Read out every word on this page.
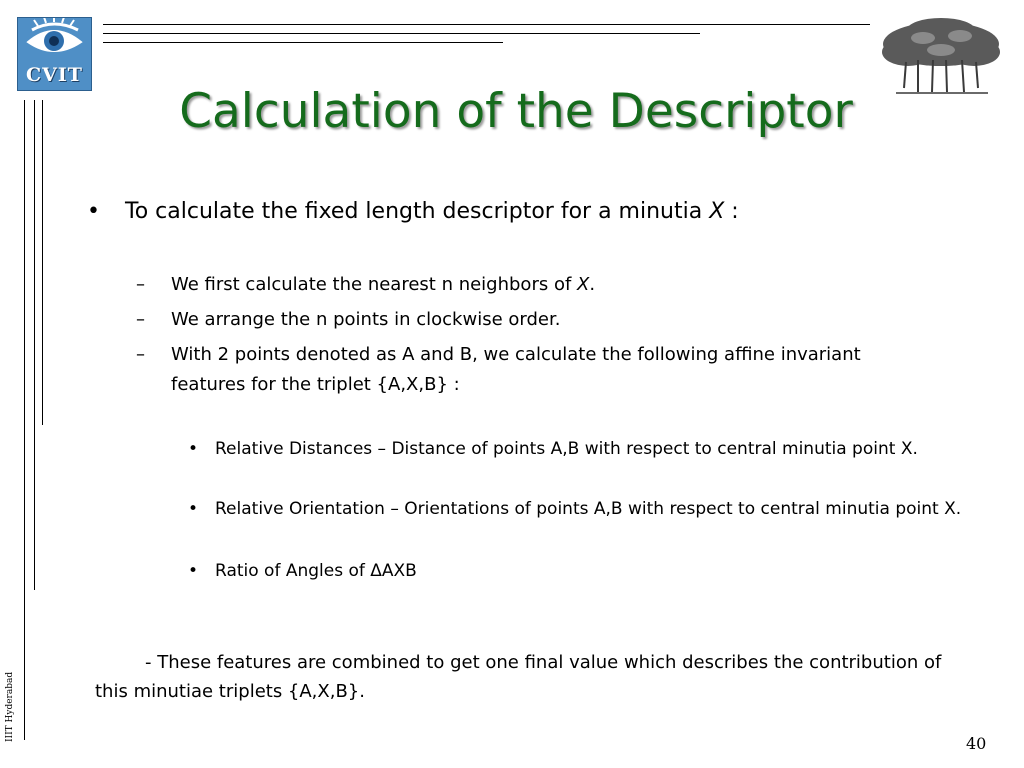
CVIT
Calculation of the Descriptor
• To calculate the fixed length descriptor for a minutia X :
– We first calculate the nearest n neighbors of X.
– We arrange the n points in clockwise order.
– With 2 points denoted as A and B, we calculate the following affine invariant features for the triplet {A,X,B} :
• Relative Distances – Distance of points A,B with respect to central minutia point X.
• Relative Orientation – Orientations of points A,B with respect to central minutia point X.
• Ratio of Angles of ΔAXB
- These features are combined to get one final value which describes the contribution of this minutiae triplets {A,X,B}.
IIIT Hyderabad
40
